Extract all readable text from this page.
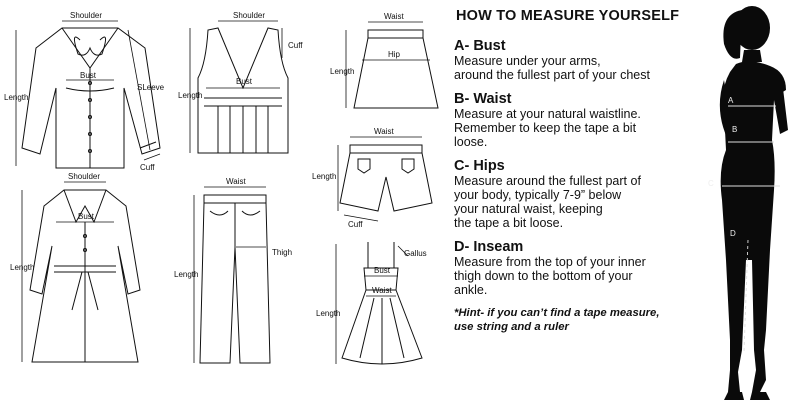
Shoulder
Bust
SLeeve
Length
Cuff
Shoulder
Cuff
Bust
Length
Waist
Hip
Length
Waist
Length
Cuff
Shoulder
Bust
Length
Waist
Thigh
Length	Bust
Gallus
Waist
Length
HOW TO MEASURE YOURSELF
A- Bust
Measure under your arms,
around the fullest part of your chest
B- Waist
Measure at your natural waistline.
Remember to keep the tape a bit
loose.
C- Hips
Measure around the fullest part of
your body, typically 7-9” below
your natural waist, keeping
the tape a bit loose.
D- Inseam
Measure from the top of your inner
thigh down to the bottom of your
ankle.
*Hint- if you can’t find a tape measure,
use string and a ruler
A
B
C
D
